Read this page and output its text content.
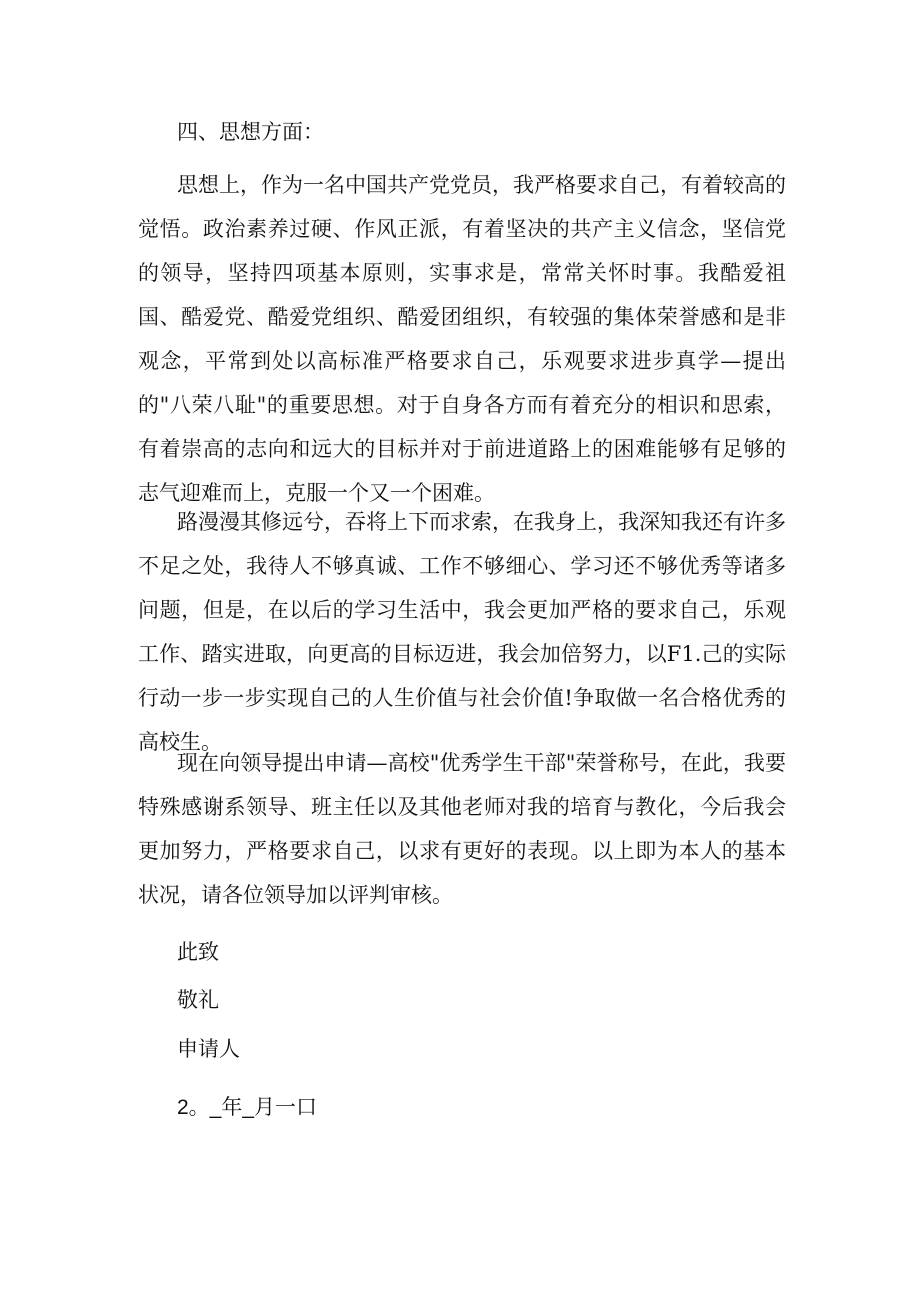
四、思想方面：

思想上，作为一名中国共产党党员，我严格要求自己，有着较高的觉悟。政治素养过硬、作风正派，有着坚决的共产主义信念，坚信党的领导，坚持四项基本原则，实事求是，常常关怀时事。我酷爱祖国、酷爱党、酷爱党组织、酷爱团组织，有较强的集体荣誉感和是非观念，平常到处以高标准严格要求自己，乐观要求进步真学—提出的"八荣八耻"的重要思想。对于自身各方而有着充分的相识和思索，有着崇高的志向和远大的目标并对于前进道路上的困难能够有足够的志气迎难而上，克服一个又一个困难。

路漫漫其修远兮，吞将上下而求索，在我身上，我深知我还有许多不足之处，我待人不够真诚、工作不够细心、学习还不够优秀等诸多问题，但是，在以后的学习生活中，我会更加严格的要求自己，乐观工作、踏实进取，向更高的目标迈进，我会加倍努力，以F1.己的实际行动一步一步实现自己的人生价值与社会价值!争取做一名合格优秀的高校生。

现在向领导提出申请—高校"优秀学生干部"荣誉称号，在此，我要特殊感谢系领导、班主任以及其他老师对我的培育与教化，今后我会更加努力，严格要求自己，以求有更好的表现。以上即为本人的基本状况，请各位领导加以评判审核。

此致
敬礼
申请人
2。_年_月一口
